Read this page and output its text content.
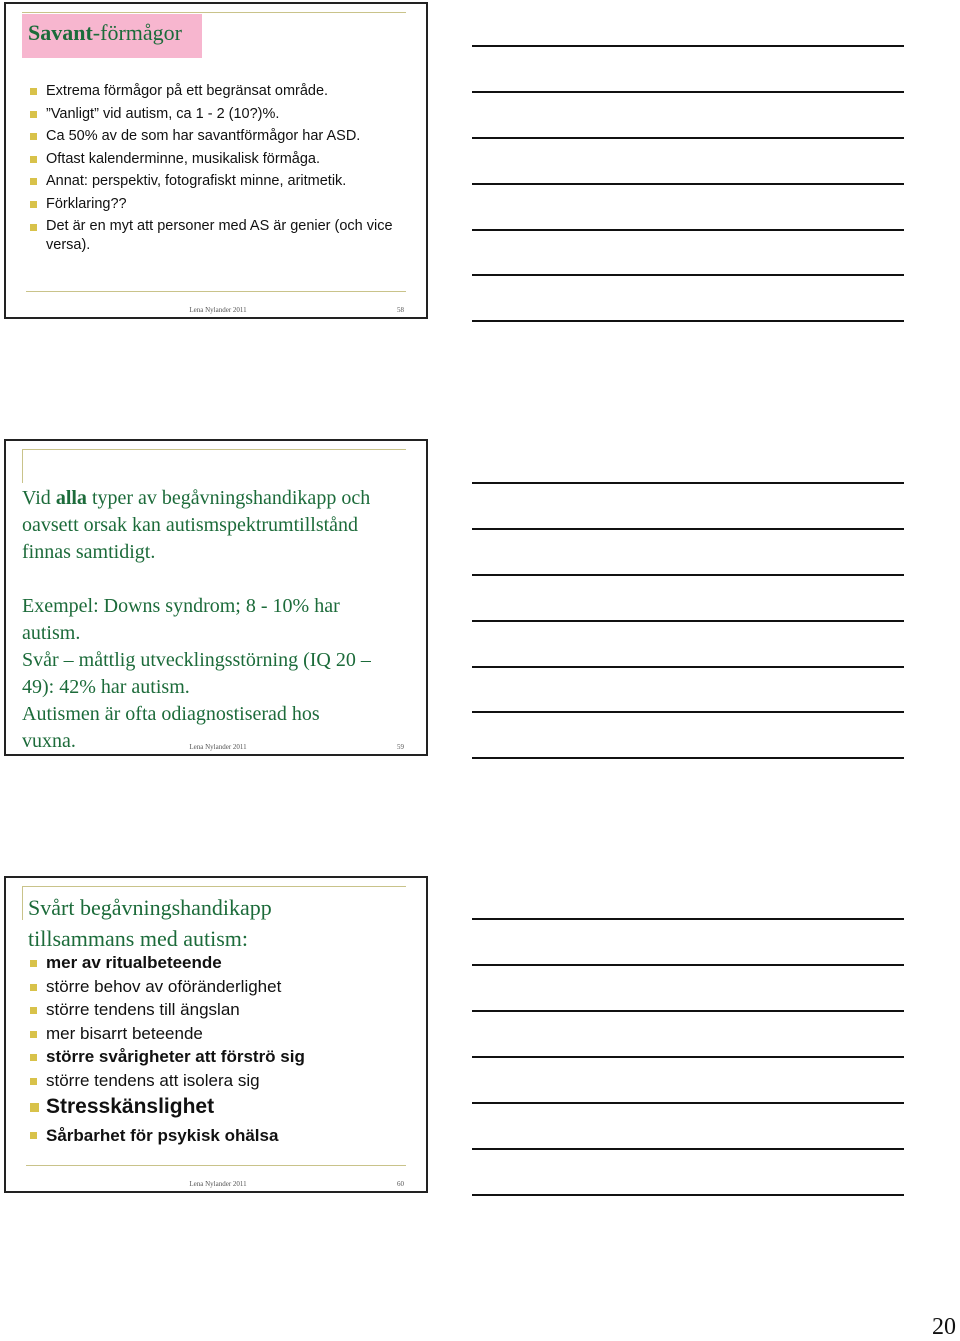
Savant-förmågor
Extrema förmågor på ett begränsat område.
”Vanligt” vid autism, ca 1 - 2 (10?)%.
Ca 50% av de som har savantförmågor har ASD.
Oftast kalenderminne, musikalisk förmåga.
Annat: perspektiv, fotografiskt minne, aritmetik.
Förklaring??
Det är en myt att personer med AS är genier (och vice versa).
Lena Nylander 2011	58
Vid alla typer av begåvningshandikapp och oavsett orsak kan autismspektrumtillstånd finnas samtidigt.
Exempel: Downs syndrom; 8 - 10% har autism.
Svår – måttlig utvecklingsstörning (IQ 20 – 49): 42% har autism.
Autismen är ofta odiagnostiserad hos vuxna.	Lena Nylander 2011	59
Svårt begåvningshandikapp
tillsammans med autism:
mer av ritualbeteende
större behov av oföränderlighet
större tendens till ängslan
mer bisarrt beteende
större svårigheter att förströ sig
större tendens att isolera sig
Stresskänslighet
Sårbarhet för psykisk ohälsa
Lena Nylander 2011	60
20
